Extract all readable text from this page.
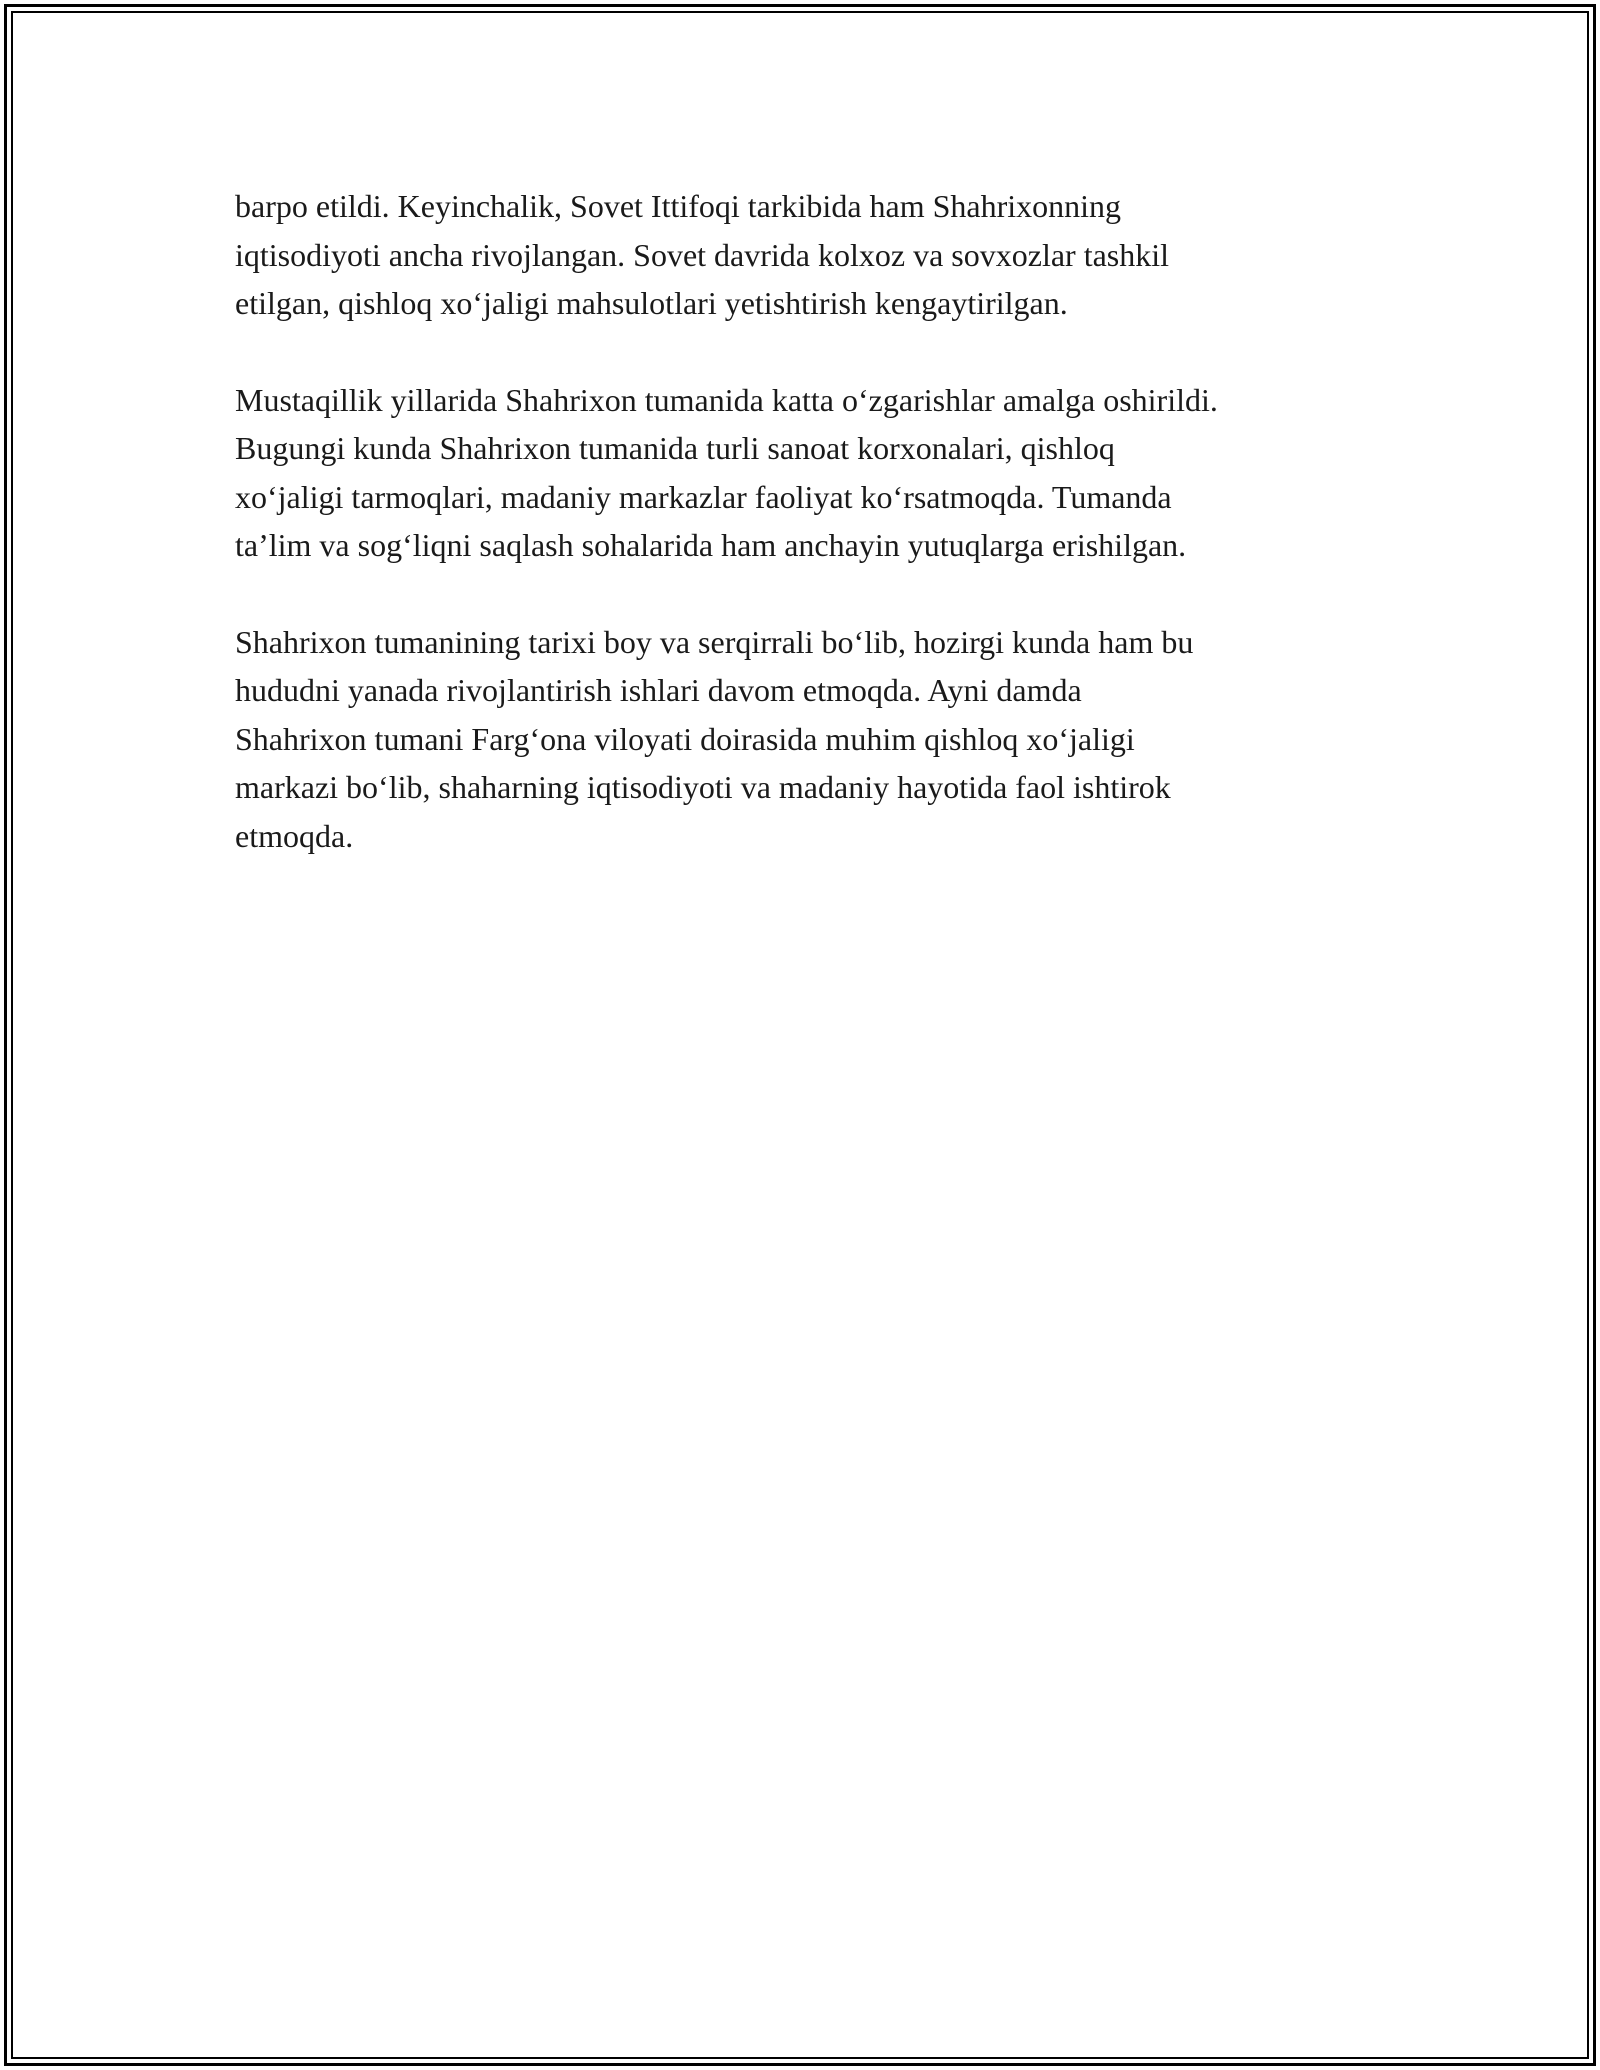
barpo etildi. Keyinchalik, Sovet Ittifoqi tarkibida ham Shahrixonning
iqtisodiyoti ancha rivojlangan. Sovet davrida kolxoz va sovxozlar tashkil
etilgan, qishloq xo‘jaligi mahsulotlari yetishtirish kengaytirilgan.

Mustaqillik yillarida Shahrixon tumanida katta o‘zgarishlar amalga oshirildi.
Bugungi kunda Shahrixon tumanida turli sanoat korxonalari, qishloq
xo‘jaligi tarmoqlari, madaniy markazlar faoliyat ko‘rsatmoqda. Tumanda
ta’lim va sog‘liqni saqlash sohalarida ham anchayin yutuqlarga erishilgan.

Shahrixon tumanining tarixi boy va serqirrali bo‘lib, hozirgi kunda ham bu
hududni yanada rivojlantirish ishlari davom etmoqda. Ayni damda
Shahrixon tumani Farg‘ona viloyati doirasida muhim qishloq xo‘jaligi
markazi bo‘lib, shaharning iqtisodiyoti va madaniy hayotida faol ishtirok
etmoqda.
